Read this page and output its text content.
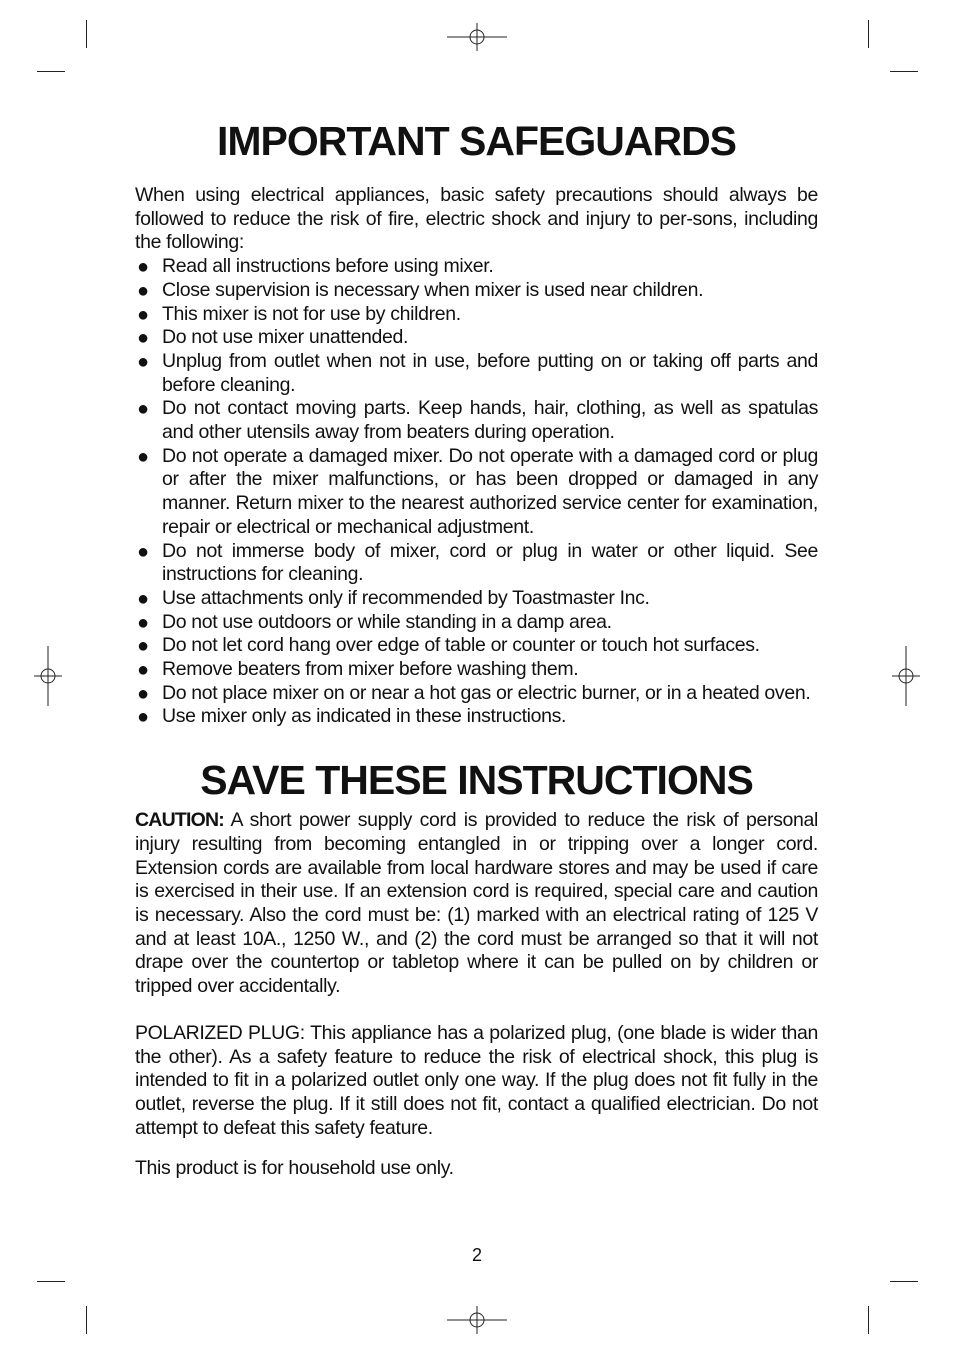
IMPORTANT SAFEGUARDS

When using electrical appliances, basic safety precautions should always be followed to reduce the risk of fire, electric shock and injury to per-sons, including the following:

● Read all instructions before using mixer.
● Close supervision is necessary when mixer is used near children.
● This mixer is not for use by children.
● Do not use mixer unattended.
● Unplug from outlet when not in use, before putting on or taking off parts and before cleaning.
● Do not contact moving parts. Keep hands, hair, clothing, as well as spatulas and other utensils away from beaters during operation.
● Do not operate a damaged mixer. Do not operate with a damaged cord or plug or after the mixer malfunctions, or has been dropped or damaged in any manner. Return mixer to the nearest authorized service center for examination, repair or electrical or mechanical adjustment.
● Do not immerse body of mixer, cord or plug in water or other liquid. See instructions for cleaning.
● Use attachments only if recommended by Toastmaster Inc.
● Do not use outdoors or while standing in a damp area.
● Do not let cord hang over edge of table or counter or touch hot surfaces.
● Remove beaters from mixer before washing them.
● Do not place mixer on or near a hot gas or electric burner, or in a heated oven.
● Use mixer only as indicated in these instructions.
SAVE THESE INSTRUCTIONS

CAUTION: A short power supply cord is provided to reduce the risk of personal injury resulting from becoming entangled in or tripping over a longer cord. Extension cords are available from local hardware stores and may be used if care is exercised in their use. If an extension cord is required, special care and caution is necessary. Also the cord must be: (1) marked with an electrical rating of 125 V and at least 10A., 1250 W., and (2) the cord must be arranged so that it will not drape over the countertop or tabletop where it can be pulled on by children or tripped over accidentally.

POLARIZED PLUG: This appliance has a polarized plug, (one blade is wider than the other). As a safety feature to reduce the risk of electrical shock, this plug is intended to fit in a polarized outlet only one way. If the plug does not fit fully in the outlet, reverse the plug. If it still does not fit, contact a qualified electrician. Do not attempt to defeat this safety feature.

This product is for household use only.

2
